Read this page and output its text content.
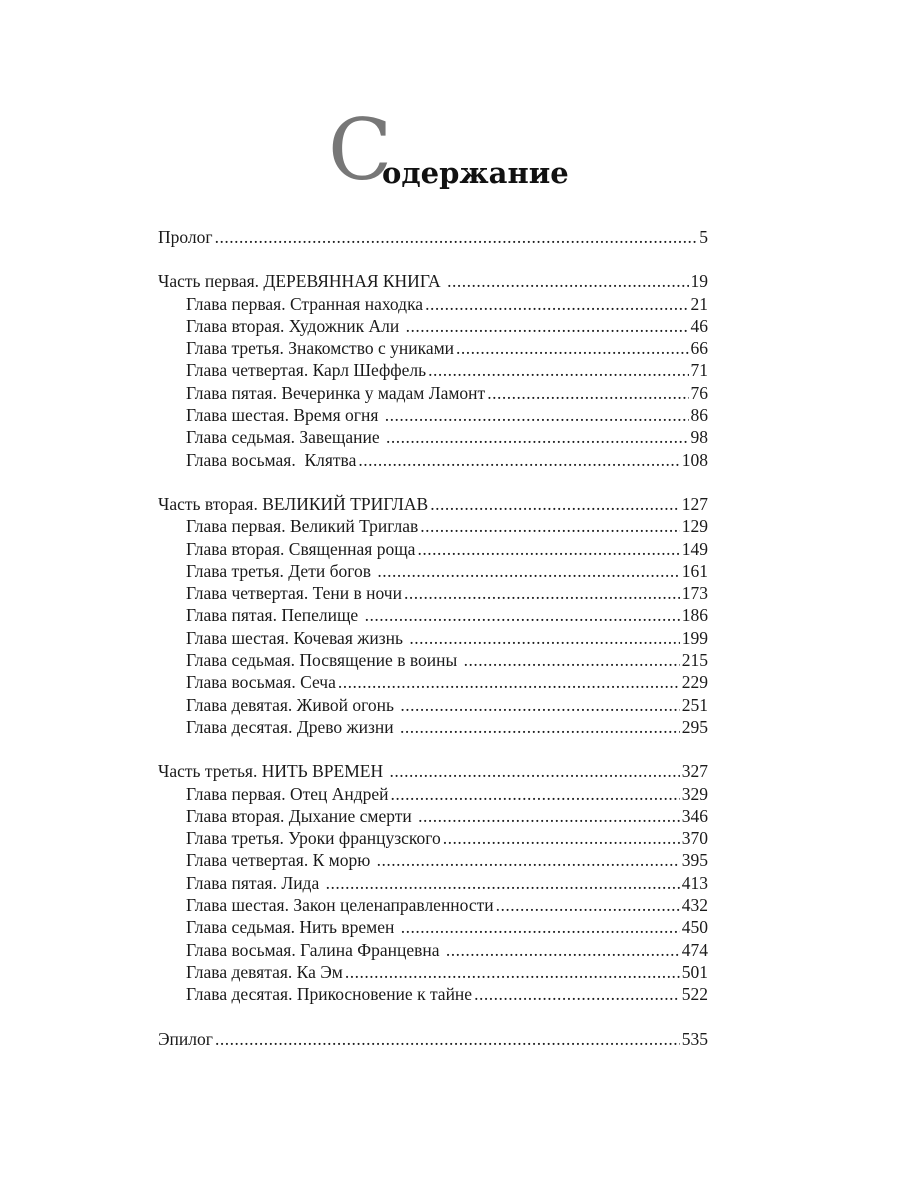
С
одержание
Пролог .....	5
Часть первая. ДЕРЕВЯННАЯ КНИГА .....	19
Глава первая. Странная находка .....	21
Глава вторая. Художник Али .....	46
Глава третья. Знакомство с униками .....	66
Глава четвертая. Карл Шеффель .....	71
Глава пятая. Вечеринка у мадам Ламонт .....	76
Глава шестая. Время огня .....	86
Глава седьмая. Завещание .....	98
Глава восьмая.  Клятва .....	108
Часть вторая. ВЕЛИКИЙ ТРИГЛАВ .....	127
Глава первая. Великий Триглав .....	129
Глава вторая. Священная роща .....	149
Глава третья. Дети богов .....	161
Глава четвертая. Тени в ночи .....	173
Глава пятая. Пепелище .....	186
Глава шестая. Кочевая жизнь .....	199
Глава седьмая. Посвящение в воины .....	215
Глава восьмая. Сеча .....	229
Глава девятая. Живой огонь .....	251
Глава десятая. Древо жизни .....	295
Часть третья. НИТЬ ВРЕМЕН .....	327
Глава первая. Отец Андрей .....	329
Глава вторая. Дыхание смерти .....	346
Глава третья. Уроки французского .....	370
Глава четвертая. К морю .....	395
Глава пятая. Лида .....	413
Глава шестая. Закон целенаправленности .....	432
Глава седьмая. Нить времен .....	450
Глава восьмая. Галина Францевна .....	474
Глава девятая. Ка Эм .....	501
Глава десятая. Прикосновение к тайне .....	522
Эпилог .....	535
